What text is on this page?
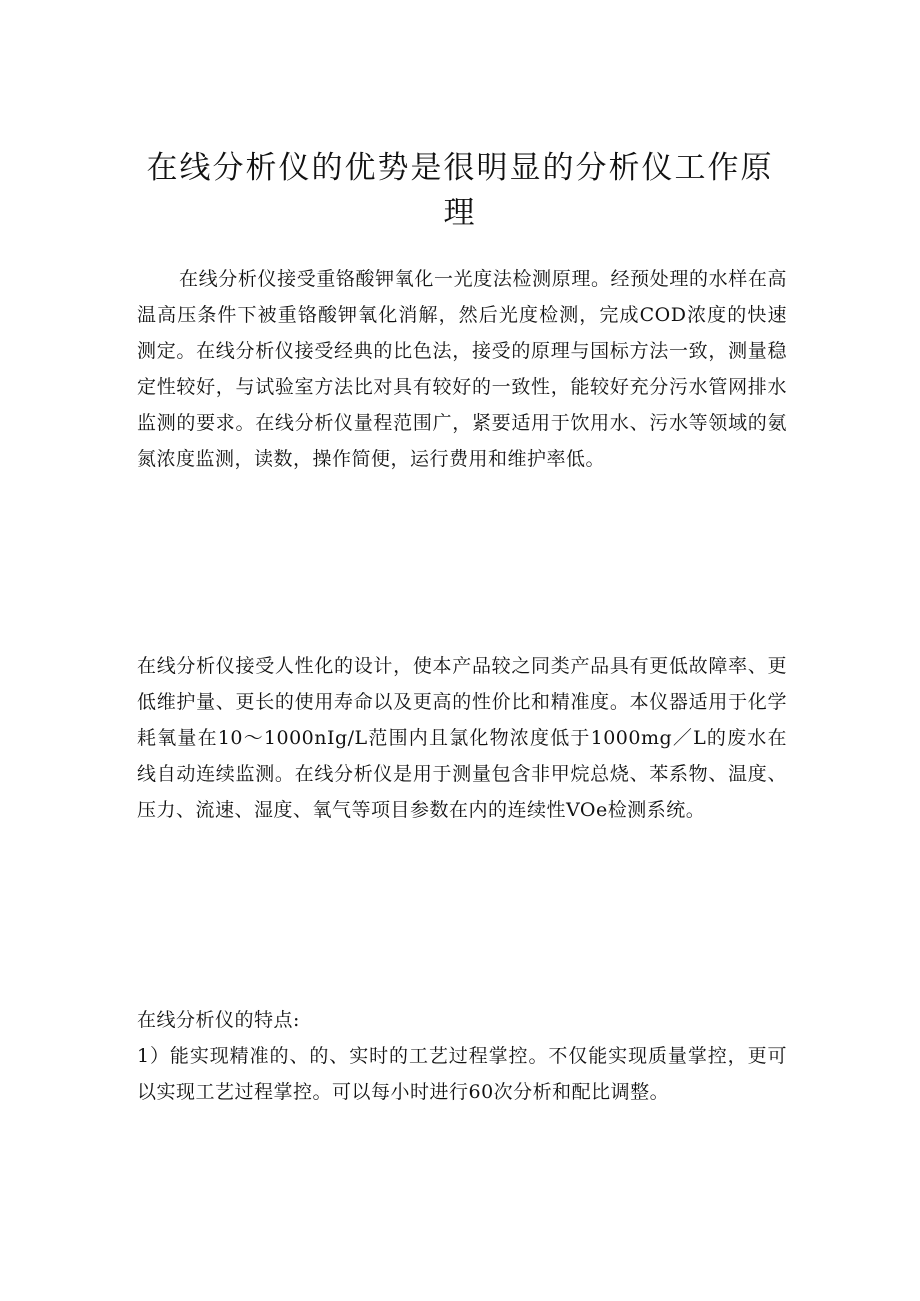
在线分析仪的优势是很明显的分析仪工作原理

在线分析仪接受重铬酸钾氧化一光度法检测原理。经预处理的水样在高温高压条件下被重铬酸钾氧化消解，然后光度检测，完成COD浓度的快速测定。在线分析仪接受经典的比色法，接受的原理与国标方法一致，测量稳定性较好，与试验室方法比对具有较好的一致性，能较好充分污水管网排水监测的要求。在线分析仪量程范围广，紧要适用于饮用水、污水等领域的氨氮浓度监测，读数，操作简便，运行费用和维护率低。

在线分析仪接受人性化的设计，使本产品较之同类产品具有更低故障率、更低维护量、更长的使用寿命以及更高的性价比和精准度。本仪器适用于化学耗氧量在10～1000nIg/L范围内且氯化物浓度低于1000mg／L的废水在线自动连续监测。在线分析仪是用于测量包含非甲烷总烧、苯系物、温度、压力、流速、湿度、氧气等项目参数在内的连续性VOe检测系统。

在线分析仪的特点:
1）能实现精准的、的、实时的工艺过程掌控。不仅能实现质量掌控，更可以实现工艺过程掌控。可以每小时进行60次分析和配比调整。
